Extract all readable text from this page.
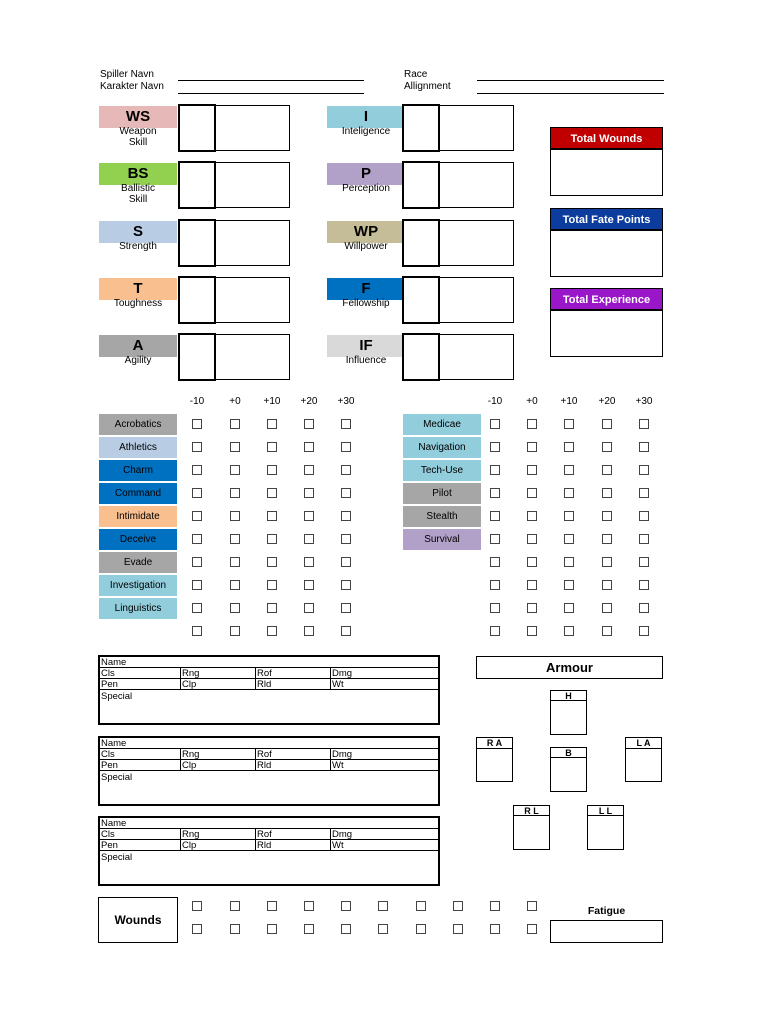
Spiller Navn
Karakter Navn
Race
Allignment
WS
Weapon
Skill
BS
Ballistic
Skill
S
Strength
T
Toughness
A
Agility
I
Inteligence
P
Perception
WP
Willpower
F
Fellowship
IF
Influence
Total Wounds
Total Fate Points
Total Experience
-10	-10
+0	+0
+10	+10
+20	+20
+30	+30
Acrobatics
Athletics
Charm
Command
Intimidate
Deceive
Evade
Investigation
Linguistics
Medicae
Navigation
Tech-Use
Pilot
Stealth
Survival
Name
Cls	Rng	Rof	Dmg
Pen	Clp	Rld	Wt
Special
Name
Cls	Rng	Rof	Dmg
Pen	Clp	Rld	Wt
Special
Name
Cls	Rng	Rof	Dmg
Pen	Clp	Rld	Wt
Special
Armour
H
R A	L A
B
R L	L L
Wounds
Fatigue
